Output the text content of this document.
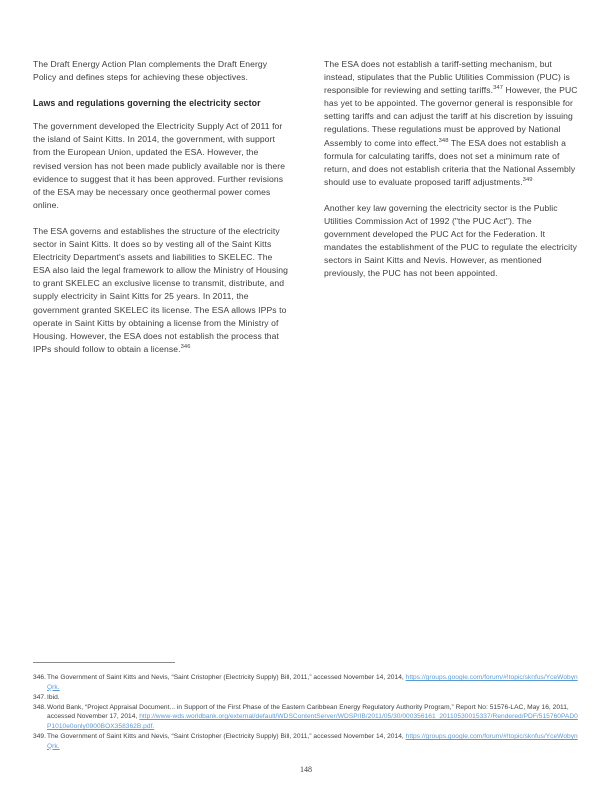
The Draft Energy Action Plan complements the Draft Energy Policy and defines steps for achieving these objectives.

Laws and regulations governing the electricity sector

The government developed the Electricity Supply Act of 2011 for the island of Saint Kitts. In 2014, the government, with support from the European Union, updated the ESA. However, the revised version has not been made publicly available nor is there evidence to suggest that it has been approved. Further revisions of the ESA may be necessary once geothermal power comes online.

The ESA governs and establishes the structure of the electricity sector in Saint Kitts. It does so by vesting all of the Saint Kitts Electricity Department's assets and liabilities to SKELEC. The ESA also laid the legal framework to allow the Ministry of Housing to grant SKELEC an exclusive license to transmit, distribute, and supply electricity in Saint Kitts for 25 years. In 2011, the government granted SKELEC its license. The ESA allows IPPs to operate in Saint Kitts by obtaining a license from the Ministry of Housing. However, the ESA does not establish the process that IPPs should follow to obtain a license.$^{346}$

The ESA does not establish a tariff-setting mechanism, but instead, stipulates that the Public Utilities Commission (PUC) is responsible for reviewing and setting tariffs.$^{347}$ However, the PUC has yet to be appointed. The governor general is responsible for setting tariffs and can adjust the tariff at his discretion by issuing regulations. These regulations must be approved by National Assembly to come into effect.$^{348}$ The ESA does not establish a formula for calculating tariffs, does not set a minimum rate of return, and does not establish criteria that the National Assembly should use to evaluate proposed tariff adjustments.$^{349}$

Another key law governing the electricity sector is the Public Utilities Commission Act of 1992 ("the PUC Act"). The government developed the PUC Act for the Federation. It mandates the establishment of the PUC to regulate the electricity sectors in Saint Kitts and Nevis. However, as mentioned previously, the PUC has not been appointed.

346. The Government of Saint Kitts and Nevis, “Saint Cristopher (Electricity Supply) Bill, 2011,” accessed November 14, 2014, https://groups.google.com/forum/#!topic/sknfus/YceWobynQrk.
347. Ibid.
348. World Bank, “Project Appraisal Document... in Support of the First Phase of the Eastern Caribbean Energy Regulatory Authority Program,” Report No: 51576-LAC, May 16, 2011, accessed November 17, 2014, http://www-wds.worldbank.org/external/default/WDSContentServer/WDSP/IB/2011/05/30/000356161_20110530015337/Rendered/PDF/515760PAD0P1010e0only0900BOX358362B.pdf.
349. The Government of Saint Kitts and Nevis, “Saint Cristopher (Electricity Supply) Bill, 2011,” accessed November 14, 2014, https://groups.google.com/forum/#!topic/sknfus/YceWobynQrk.
148
